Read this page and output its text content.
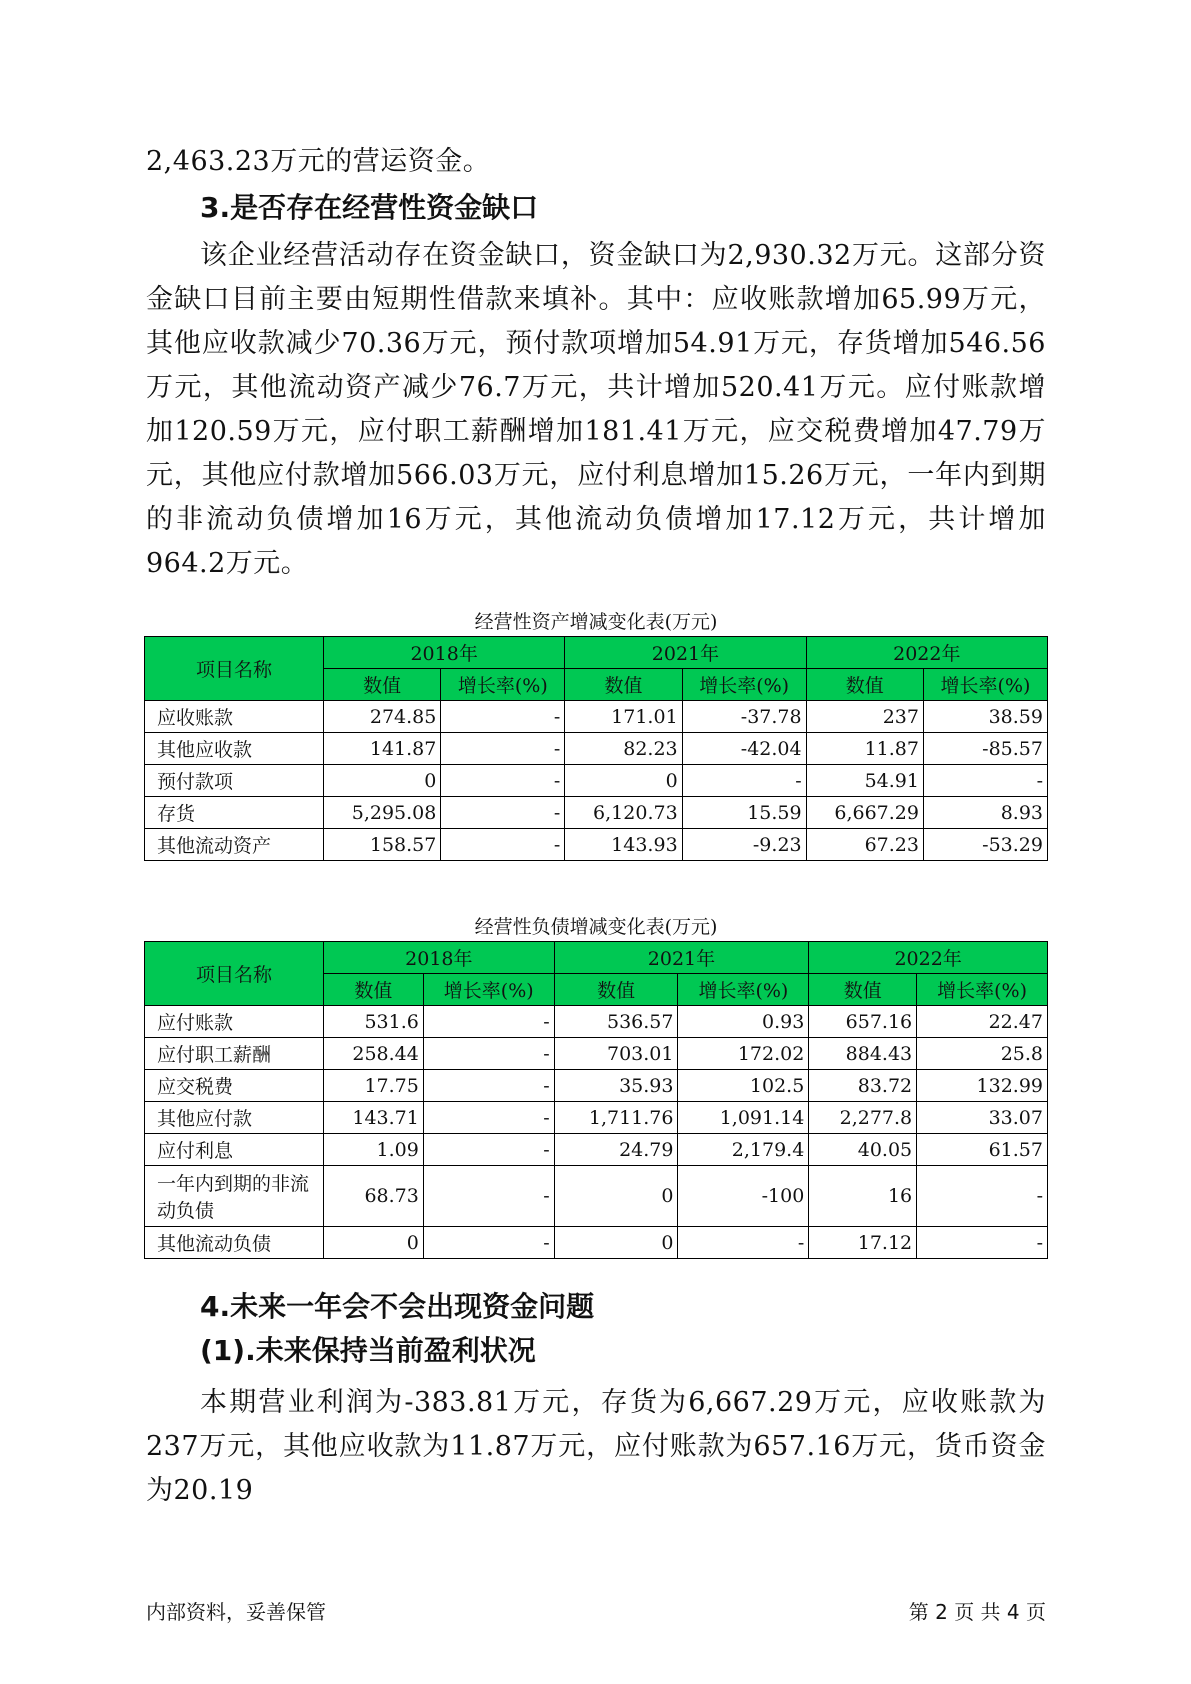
2,463.23万元的营运资金。

3.是否存在经营性资金缺口

该企业经营活动存在资金缺口，资金缺口为2,930.32万元。这部分资金缺口目前主要由短期性借款来填补。其中：应收账款增加65.99万元，其他应收款减少70.36万元，预付款项增加54.91万元，存货增加546.56万元，其他流动资产减少76.7万元，共计增加520.41万元。应付账款增加120.59万元，应付职工薪酬增加181.41万元，应交税费增加47.79万元，其他应付款增加566.03万元，应付利息增加15.26万元，一年内到期的非流动负债增加16万元，其他流动负债增加17.12万元，共计增加964.2万元。

经营性资产增减变化表(万元)

项目名称	2018年		2021年		2022年	
	数值	增长率(%)	数值	增长率(%)	数值	增长率(%)
应收账款	274.85	-	171.01	-37.78	237	38.59
其他应收款	141.87	-	82.23	-42.04	11.87	-85.57
预付款项	0	-	0	-	54.91	-
存货	5,295.08	-	6,120.73	15.59	6,667.29	8.93
其他流动资产	158.57	-	143.93	-9.23	67.23	-53.29

经营性负债增减变化表(万元)

项目名称	2018年		2021年		2022年	
	数值	增长率(%)	数值	增长率(%)	数值	增长率(%)
应付账款	531.6	-	536.57	0.93	657.16	22.47
应付职工薪酬	258.44	-	703.01	172.02	884.43	25.8
应交税费	17.75	-	35.93	102.5	83.72	132.99
其他应付款	143.71	-	1,711.76	1,091.14	2,277.8	33.07
应付利息	1.09	-	24.79	2,179.4	40.05	61.57
一年内到期的非流动负债	68.73	-	0	-100	16	-
其他流动负债	0	-	0	-	17.12	-

4.未来一年会不会出现资金问题

(1).未来保持当前盈利状况

本期营业利润为-383.81万元，存货为6,667.29万元，应收账款为237万元，其他应收款为11.87万元，应付账款为657.16万元，货币资金为20.19

内部资料，妥善保管	第 2 页 共 4 页
